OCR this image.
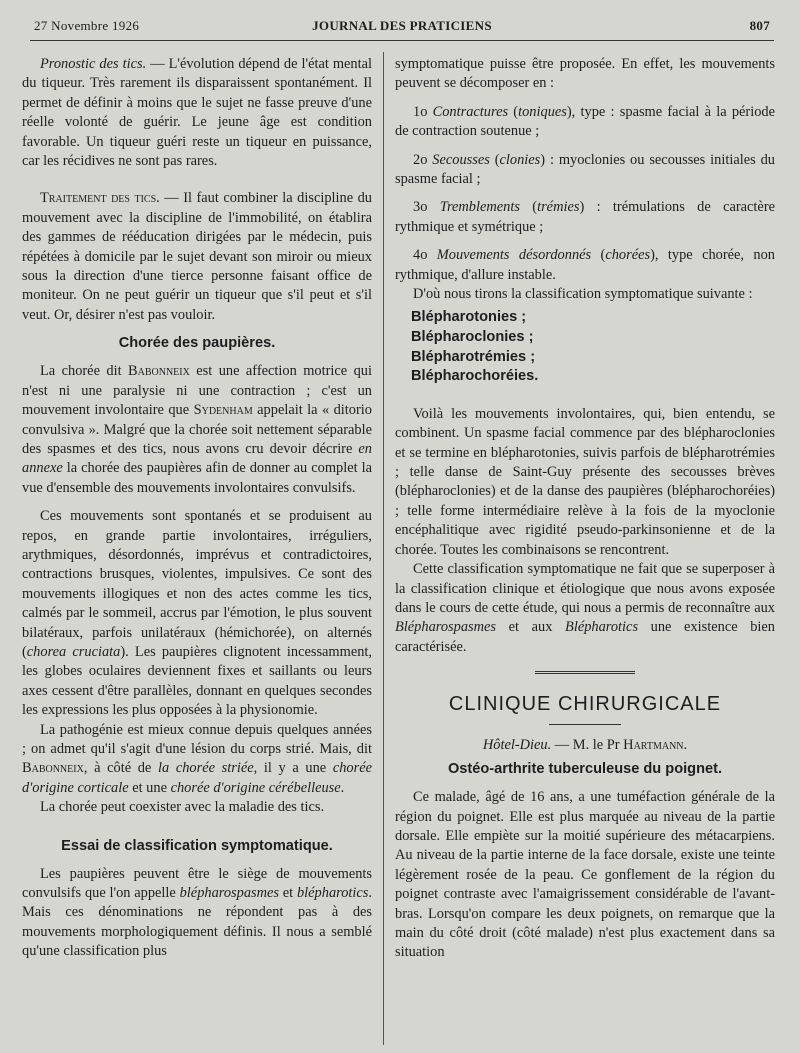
27 Novembre 1926	JOURNAL DES PRATICIENS	807

Pronostic des tics. — L'évolution dépend de l'état mental du tiqueur. Très rarement ils disparaissent spontanément. Il permet de définir à moins que le sujet ne fasse preuve d'une réelle volonté de guérir. Le jeune âge est condition favorable. Un tiqueur guéri reste un tiqueur en puissance, car les récidives ne sont pas rares.

Traitement des tics. — Il faut combiner la discipline du mouvement avec la discipline de l'immobilité, on établira des gammes de rééducation dirigées par le médecin, puis répétées à domicile par le sujet devant son miroir ou mieux sous la direction d'une tierce personne faisant office de moniteur. On ne peut guérir un tiqueur que s'il peut et s'il veut. Or, désirer n'est pas vouloir.

Chorée des paupières.

La chorée dit Babonneix est une affection motrice qui n'est ni une paralysie ni une contraction ; c'est un mouvement involontaire que Sydenham appelait la « ditorio convulsiva ». Malgré que la chorée soit nettement séparable des spasmes et des tics, nous avons cru devoir décrire en annexe la chorée des paupières afin de donner au complet la vue d'ensemble des mouvements involontaires convulsifs.

Ces mouvements sont spontanés et se produisent au repos, en grande partie involontaires, irréguliers, arythmiques, désordonnés, imprévus et contradictoires, contractions brusques, violentes, impulsives. Ce sont des mouvements illogiques et non des actes comme les tics, calmés par le sommeil, accrus par l'émotion, le plus souvent bilatéraux, parfois unilatéraux (hémichorée), on alternés (chorea cruciata). Les paupières clignotent incessamment, les globes oculaires deviennent fixes et saillants ou leurs axes cessent d'être parallèles, donnant en quelques secondes les expressions les plus opposées à la physionomie.

La pathogénie est mieux connue depuis quelques années ; on admet qu'il s'agit d'une lésion du corps strié. Mais, dit Babonneix, à côté de la chorée striée, il y a une chorée d'origine corticale et une chorée d'origine cérébelleuse.

La chorée peut coexister avec la maladie des tics.

Essai de classification symptomatique.

Les paupières peuvent être le siège de mouvements convulsifs que l'on appelle blépharospasmes et blépharotics. Mais ces dénominations ne répondent pas à des mouvements morphologiquement définis. Il nous a semblé qu'une classification plus

symptomatique puisse être proposée. En effet, les mouvements peuvent se décomposer en :

1o Contractures (toniques), type : spasme facial à la période de contraction soutenue ;

2o Secousses (clonies) : myoclonies ou secousses initiales du spasme facial ;

3o Tremblements (trémies) : trémulations de caractère rythmique et symétrique ;

4o Mouvements désordonnés (chorées), type chorée, non rythmique, d'allure instable.

D'où nous tirons la classification symptomatique suivante :

Blépharotonies ;
Blépharoclonies ;
Blépharotrémies ;
Blépharochoréies.

Voilà les mouvements involontaires, qui, bien entendu, se combinent. Un spasme facial commence par des blépharoclonies et se termine en blépharotonies, suivis parfois de blépharotrémies ; telle danse de Saint-Guy présente des secousses brèves (blépharoclonies) et de la danse des paupières (blépharochoréies) ; telle forme intermédiaire relève à la fois de la myoclonie encéphalitique avec rigidité pseudo-parkinsonienne et de la chorée. Toutes les combinaisons se rencontrent.

Cette classification symptomatique ne fait que se superposer à la classification clinique et étiologique que nous avons exposée dans le cours de cette étude, qui nous a permis de reconnaître aux Blépharospasmes et aux Blépharotics une existence bien caractérisée.

CLINIQUE CHIRURGICALE
Hôtel-Dieu. — M. le Pr Hartmann.
Ostéo-arthrite tuberculeuse du poignet.

Ce malade, âgé de 16 ans, a une tuméfaction générale de la région du poignet. Elle est plus marquée au niveau de la partie dorsale. Elle empiète sur la moitié supérieure des métacarpiens. Au niveau de la partie interne de la face dorsale, existe une teinte légèrement rosée de la peau. Ce gonflement de la région du poignet contraste avec l'amaigrissement considérable de l'avant-bras. Lorsqu'on compare les deux poignets, on remarque que la main du côté droit (côté malade) n'est plus exactement dans sa situation
